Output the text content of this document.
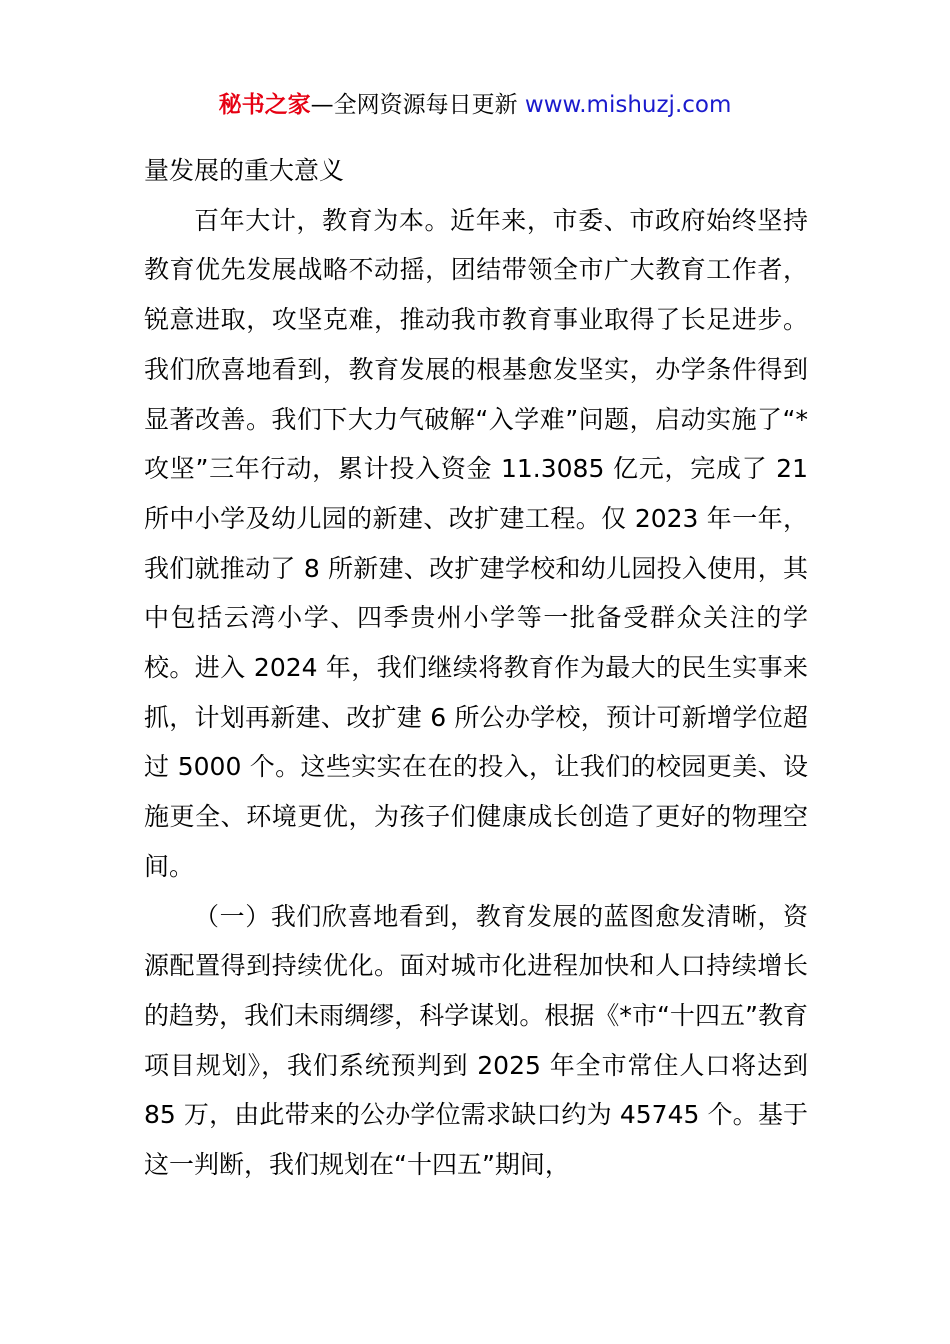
秘书之家—全网资源每日更新 www.mishuzj.com

量发展的重大意义

百年大计，教育为本。近年来，市委、市政府始终坚持教育优先发展战略不动摇，团结带领全市广大教育工作者，锐意进取，攻坚克难，推动我市教育事业取得了长足进步。我们欣喜地看到，教育发展的根基愈发坚实，办学条件得到显著改善。我们下大力气破解“入学难”问题，启动实施了“*攻坚”三年行动，累计投入资金 11.3085 亿元，完成了 21 所中小学及幼儿园的新建、改扩建工程。仅 2023 年一年，我们就推动了 8 所新建、改扩建学校和幼儿园投入使用，其中包括云湾小学、四季贵州小学等一批备受群众关注的学校。进入 2024 年，我们继续将教育作为最大的民生实事来抓，计划再新建、改扩建 6 所公办学校，预计可新增学位超过 5000 个。这些实实在在的投入，让我们的校园更美、设施更全、环境更优，为孩子们健康成长创造了更好的物理空间。

（一）我们欣喜地看到，教育发展的蓝图愈发清晰，资源配置得到持续优化。面对城市化进程加快和人口持续增长的趋势，我们未雨绸缪，科学谋划。根据《*市“十四五”教育项目规划》，我们系统预判到 2025 年全市常住人口将达到 85 万，由此带来的公办学位需求缺口约为 45745 个。基于这一判断，我们规划在“十四五”期间，
